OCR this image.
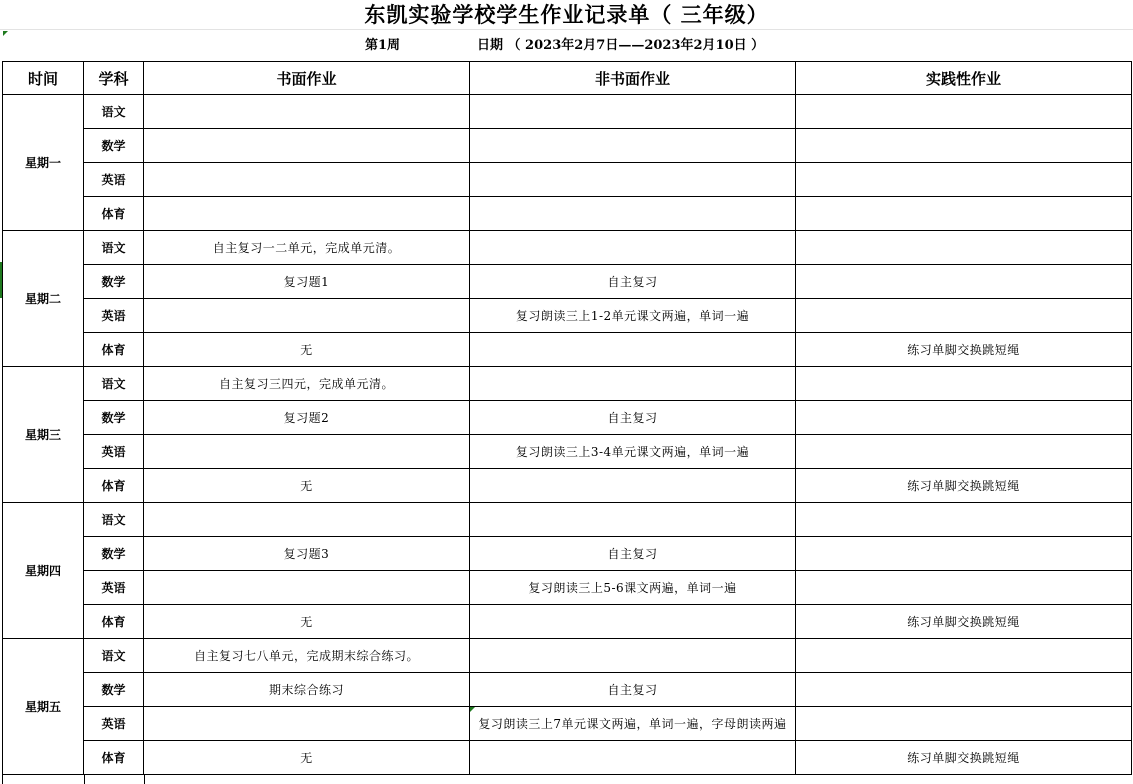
东凯实验学校学生作业记录单（ 三年级）
第1周	日期 （ 2023年2月7日——2023年2月10日 ）
时间	学科	书面作业	非书面作业	实践性作业
星期一	语文			
	数学			
	英语			
	体育			
星期二	语文	自主复习一二单元，完成单元清。		
	数学	复习题1	自主复习	
	英语		复习朗读三上1-2单元课文两遍，单词一遍	
	体育	无		练习单脚交换跳短绳
星期三	语文	自主复习三四元，完成单元清。		
	数学	复习题2	自主复习	
	英语		复习朗读三上3-4单元课文两遍，单词一遍	
	体育	无		练习单脚交换跳短绳
星期四	语文			
	数学	复习题3	自主复习	
	英语		复习朗读三上5-6课文两遍，单词一遍	
	体育	无		练习单脚交换跳短绳
星期五	语文	自主复习七八单元，完成期末综合练习。		
	数学	期末综合练习	自主复习	
	英语		复习朗读三上7单元课文两遍，单词一遍，字母朗读两遍	
	体育	无		练习单脚交换跳短绳
